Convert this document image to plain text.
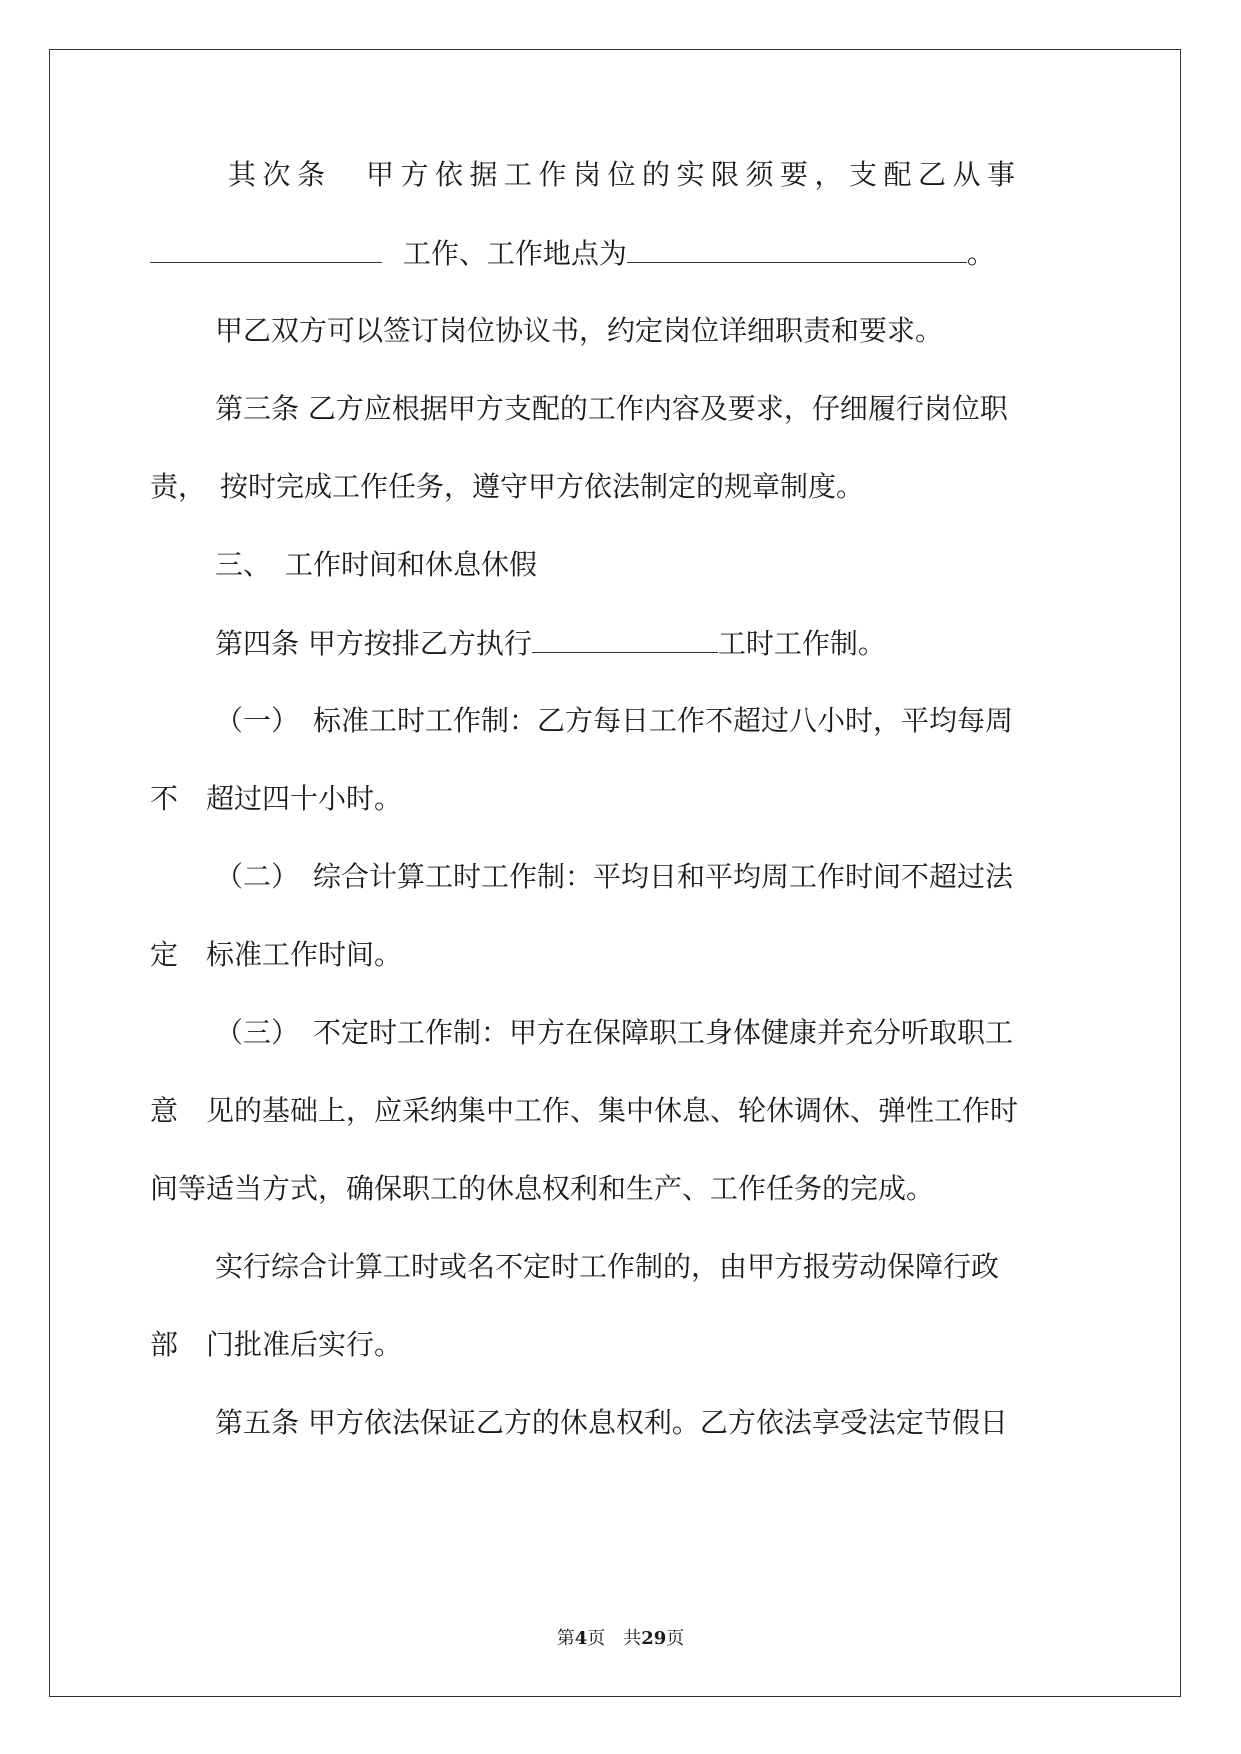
其次条　甲方依据工作岗位的实限须要，支配乙从事
工作、工作地点为	。
甲乙双方可以签订岗位协议书，约定岗位详细职责和要求。
第三条 乙方应根据甲方支配的工作内容及要求，仔细履行岗位职
责，　按时完成工作任务，遵守甲方依法制定的规章制度。
三、　工作时间和休息休假
第四条 甲方按排乙方执行	工时工作制。
（一）　标准工时工作制：乙方每日工作不超过八小时，平均每周
不　超过四十小时。
（二）　综合计算工时工作制：平均日和平均周工作时间不超过法
定　标准工作时间。
（三）　不定时工作制：甲方在保障职工身体健康并充分听取职工
意　见的基础上，应采纳集中工作、集中休息、轮休调休、弹性工作时
间等适当方式，确保职工的休息权利和生产、工作任务的完成。
实行综合计算工时或名不定时工作制的，由甲方报劳动保障行政
部　门批准后实行。
第五条 甲方依法保证乙方的休息权利。乙方依法享受法定节假日
第4页　共29页
